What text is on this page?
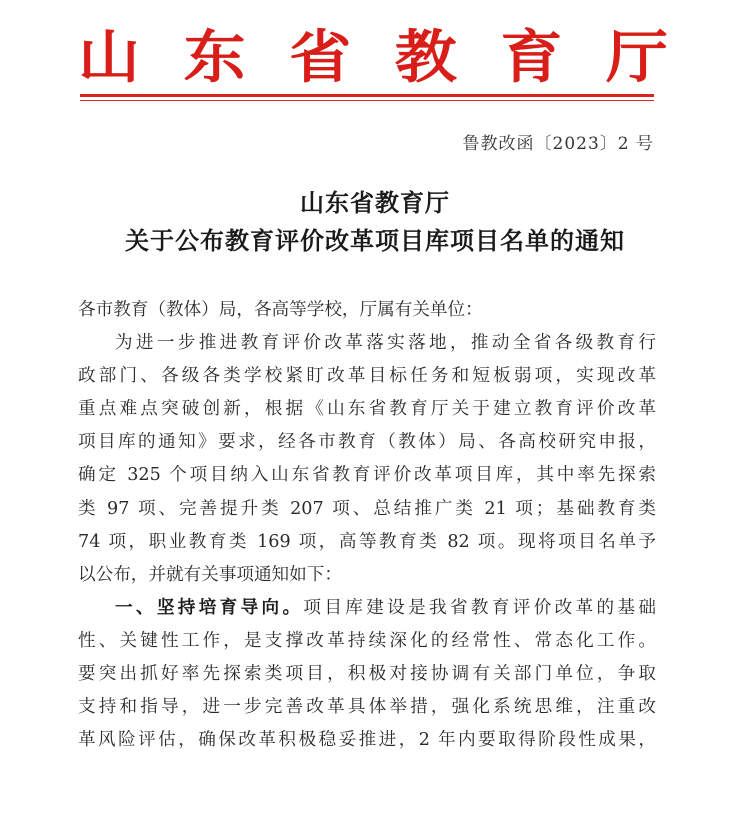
山 东 省 教 育 厅
鲁教改函〔2023〕2 号
山东省教育厅
关于公布教育评价改革项目库项目名单的通知
各市教育（教体）局，各高等学校，厅属有关单位：
为进一步推进教育评价改革落实落地，推动全省各级教育行
政部门、各级各类学校紧盯改革目标任务和短板弱项，实现改革
重点难点突破创新，根据《山东省教育厅关于建立教育评价改革
项目库的通知》要求，经各市教育（教体）局、各高校研究申报，
确定 325 个项目纳入山东省教育评价改革项目库，其中率先探索
类 97 项、完善提升类 207 项、总结推广类 21 项；基础教育类
74 项，职业教育类 169 项，高等教育类 82 项。现将项目名单予
以公布，并就有关事项通知如下：
一、坚持培育导向。项目库建设是我省教育评价改革的基础
性、关键性工作，是支撑改革持续深化的经常性、常态化工作。
要突出抓好率先探索类项目，积极对接协调有关部门单位，争取
支持和指导，进一步完善改革具体举措，强化系统思维，注重改
革风险评估，确保改革积极稳妥推进，2 年内要取得阶段性成果，
